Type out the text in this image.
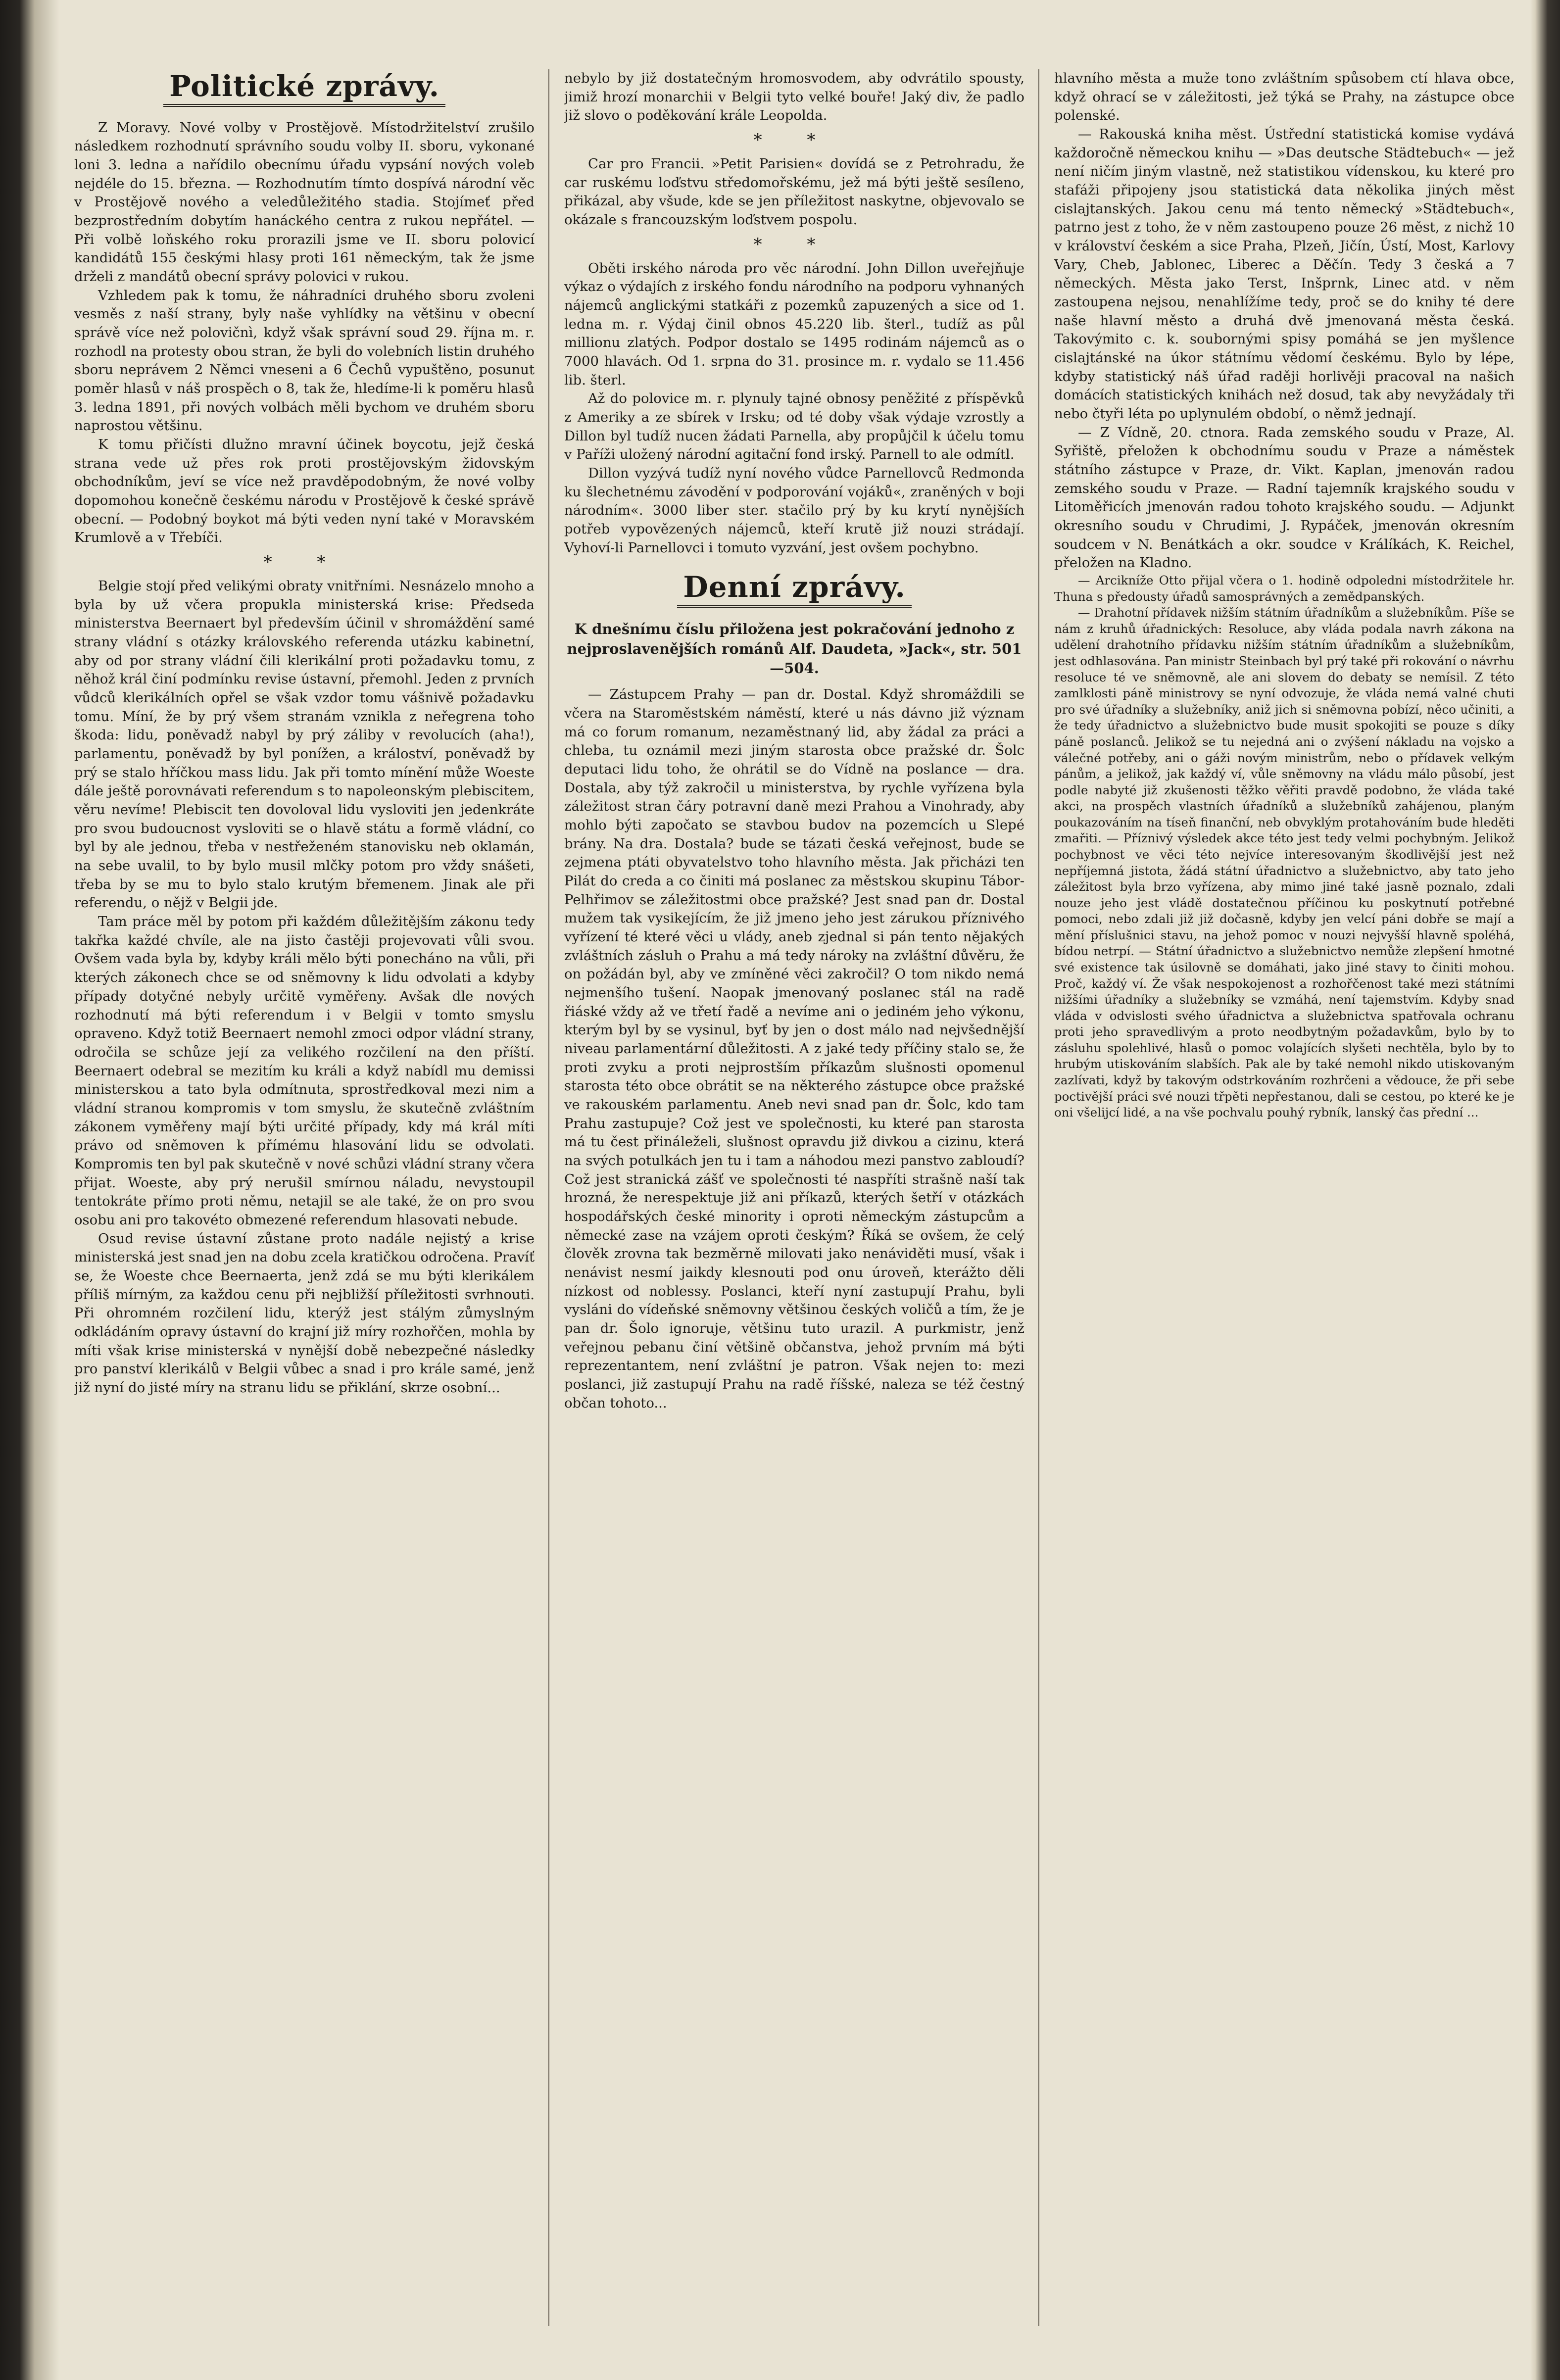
Politické zprávy.

Z Moravy. Nové volby v Prostějově. Místodržitelství zrušilo následkem rozhodnutí správního soudu volby II. sboru, vykonané loni 3. ledna a nařídilo obecnímu úřadu vypsání nových voleb nejdéle do 15. března. — Rozhodnutím tímto dospívá národní věc v Prostějově nového a veledůležitého stadia. Stojímeť před bezprostředním dobytím hanáckého centra z rukou nepřátel. — Při volbě loňského roku prorazili jsme ve II. sboru polovicí kandidátů 155 českými hlasy proti 161 německým, tak že jsme drželi z mandátů obecní správy polovici v rukou.

Vzhledem pak k tomu, že náhradníci druhého sboru zvoleni vesměs z naší strany, byly naše vyhlídky na většinu v obecní správě více než polovičnì, když však správní soud 29. října m. r. rozhodl na protesty obou stran, že byli do volebních listin druhého sboru neprávem 2 Němci vneseni a 6 Čechů vypuštěno, posunut poměr hlasů v náš prospěch o 8, tak že, hledíme-li k poměru hlasů 3. ledna 1891, při nových volbách měli bychom ve druhém sboru naprostou většinu.

K tomu přičísti dlužno mravní účinek boycotu, jejž česká strana vede už přes rok proti prostějovským židovským obchodníkům, jeví se více než pravděpodobným, že nové volby dopomohou konečně českému národu v Prostějově k české správě obecní. — Podobný boykot má býti veden nyní také v Moravském Krumlově a v Třebíči.

* *

Belgie stojí před velikými obraty vnitřními. Nesnázelo mnoho a byla by už včera propukla ministerská krise: Předseda ministerstva Beernaert byl především účinil v shromáždění samé strany vládní s otázky královského referenda utázku kabinetní, aby od por strany vládní čili klerikální proti požadavku tomu, z něhož král činí podmínku revise ústavní, přemohl. Jeden z prvních vůdců klerikálních opřel se však vzdor tomu vášnivě požadavku tomu. Míní, že by prý všem stranám vznikla z neřegrena toho škoda: lidu, poněvadž nabyl by prý záliby v revolucích (aha!), parlamentu, poněvadž by byl ponížen, a králoství, poněvadž by prý se stalo hříčkou mass lidu. Jak při tomto mínění může Woeste dále ještě porovnávati referendum s to napoleonským plebiscitem, věru nevíme! Plebiscit ten dovoloval lidu vysloviti jen jedenkráte pro svou budoucnost vysloviti se o hlavě státu a formě vládní, co byl by ale jednou, třeba v nestřeženém stanovisku neb oklamán, na sebe uvalil, to by bylo musil mlčky potom pro vždy snášeti, třeba by se mu to bylo stalo krutým břemenem. Jinak ale při referendu, o nějž v Belgii jde.

Tam práce měl by potom při každém důležitějším zákonu tedy takřka každé chvíle, ale na jisto častěji projevovati vůli svou. Ovšem vada byla by, kdyby králi mělo býti ponecháno na vůli, při kterých zákonech chce se od sněmovny k lidu odvolati a kdyby případy dotyčné nebyly určitě vyměřeny. Avšak dle nových rozhodnutí má býti referendum i v Belgii v tomto smyslu opraveno. Když totiž Beernaert nemohl zmoci odpor vládní strany, odročila se schůze její za velikého rozčilení na den příští. Beernaert odebral se mezitím ku králi a když nabídl mu demissi ministerskou a tato byla odmítnuta, sprostředkoval mezi nim a vládní stranou kompromis v tom smyslu, že skutečně zvláštním zákonem vyměřeny mají býti určité případy, kdy má král míti právo od sněmoven k přímému hlasování lidu se odvolati. Kompromis ten byl pak skutečně v nové schůzi vládní strany včera přijat. Woeste, aby prý nerušil smírnou náladu, nevystoupil tentokráte přímo proti němu, netajil se ale také, že on pro svou osobu ani pro takovéto obmezené referendum hlasovati nebude.

Osud revise ústavní zůstane proto nadále nejistý a krise ministerská jest snad jen na dobu zcela kratičkou odročena. Pravíť se, že Woeste chce Beernaerta, jenž zdá se mu býti klerikálem příliš mírným, za každou cenu při nejbližší příležitosti svrhnouti. Při ohromném rozčilení lidu, kterýž jest stálým zůmyslným odkládáním opravy ústavní do krajní již míry rozhořčen, mohla by míti však krise ministerská v nynější době nebezpečné následky pro panství klerikálů v Belgii vůbec a snad i pro krále samé, jenž již nyní do jisté míry na stranu lidu se přiklání, skrze osobní...

nebylo by již dostatečným hromosvodem, aby odvrátilo spousty, jimiž hrozí monarchii v Belgii tyto velké bouře! Jaký div, že padlo již slovo o poděkování krále Leopolda.

* *

Car pro Francii. »Petit Parisien« dovídá se z Petrohradu, že car ruskému loďstvu středomořskému, jež má býti ještě sesíleno, přikázal, aby všude, kde se jen příležitost naskytne, objevovalo se okázale s francouzským loďstvem pospolu.

* *

Oběti irského národa pro věc národní. John Dillon uveřejňuje výkaz o výdajích z irského fondu národního na podporu vyhnaných nájemců anglickými statkáři z pozemků zapuzených a sice od 1. ledna m. r. Výdaj činil obnos 45.220 lib. šterl., tudíž as půl millionu zlatých. Podpor dostalo se 1495 rodinám nájemců as o 7000 hlavách. Od 1. srpna do 31. prosince m. r. vydalo se 11.456 lib. šterl.

Až do polovice m. r. plynuly tajné obnosy peněžité z příspěvků z Ameriky a ze sbírek v Irsku; od té doby však výdaje vzrostly a Dillon byl tudíž nucen žádati Parnella, aby propůjčil k účelu tomu v Paříži uložený národní agitační fond irský. Parnell to ale odmítl.

Dillon vyzývá tudíž nyní nového vůdce Parnellovců Redmonda ku šlechetnému závodění v podporování vojáků«, zraněných v boji národním«. 3000 liber ster. stačilo prý by ku krytí nynějších potřeb vypovězených nájemců, kteří krutě již nouzi strádají. Vyhoví-li Parnellovci i tomuto vyzvání, jest ovšem pochybno.

Denní zprávy.
K dnešnímu číslu přiložena jest pokračování jednoho z nejproslavenějších románů Alf. Daudeta, »Jack«, str. 501—504.

— Zástupcem Prahy — pan dr. Dostal. Když shromáždili se včera na Staroměstském náměstí, které u nás dávno již význam má co forum romanum, nezaměstnaný lid, aby žádal za práci a chleba, tu oznámil mezi jiným starosta obce pražské dr. Šolc deputaci lidu toho, že ohrátil se do Vídně na poslance — dra. Dostala, aby týž zakročil u ministerstva, by rychle vyřízena byla záležitost stran čáry potravní daně mezi Prahou a Vinohrady, aby mohlo býti započato se stavbou budov na pozemcích u Slepé brány. Na dra. Dostala? bude se tázati česká veřejnost, bude se zejmena ptáti obyvatelstvo toho hlavního města. Jak přicházi ten Pilát do creda a co činiti má poslanec za městskou skupinu Tábor-Pelhřimov se záležitostmi obce pražské? Jest snad pan dr. Dostal mužem tak vysikejícím, že již jmeno jeho jest zárukou příznivého vyřízení té které věci u vlády, aneb zjednal si pán tento nějakých zvláštních zásluh o Prahu a má tedy nároky na zvláštní důvěru, že on požádán byl, aby ve zmíněné věci zakročil? O tom nikdo nemá nejmenšího tušení. Naopak jmenovaný poslanec stál na radě řiáské vždy až ve třetí řadě a nevíme ani o jediném jeho výkonu, kterým byl by se vysinul, byť by jen o dost málo nad nejvšednější niveau parlamentární důležitosti. A z jaké tedy příčiny stalo se, že proti zvyku a proti nejprostším příkazům slušnosti opomenul starosta této obce obrátit se na některého zástupce obce pražské ve rakouském parlamentu. Aneb nevi snad pan dr. Šolc, kdo tam Prahu zastupuje? Což jest ve společnosti, ku které pan starosta má tu čest přináleželi, slušnost opravdu již divkou a cizinu, která na svých potulkách jen tu i tam a náhodou mezi panstvo zabloudí? Což jest stranická zášť ve společnosti té naspříti strašně naší tak hrozná, že nerespektuje již ani příkazů, kterých šetří v otázkách hospodářských české minority i oproti německým zástupcům a německé zase na vzájem oproti českým? Říká se ovšem, že celý člověk zrovna tak bezměrně milovati jako nenáviděti musí, však i nenávist nesmí jaikdy klesnouti pod onu úroveň, kterážto děli nízkost od noblessy. Poslanci, kteří nyní zastupují Prahu, byli vysláni do vídeňské sněmovny většinou českých voličů a tím, že je pan dr. Šolo ignoruje, většinu tuto urazil. A purkmistr, jenž veřejnou pebanu činí většině občanstva, jehož prvním má býti reprezentantem, není zvláštní je patron. Však nejen to: mezi poslanci, již zastupují Prahu na radě říšské, naleza se též čestný občan tohoto...

hlavního města a muže tono zvláštním spůsobem ctí hlava obce, když ohrací se v záležitosti, jež týká se Prahy, na zástupce obce polenské.

— Rakouská kniha měst. Ústřední statistická komise vydává každoročně německou knihu — »Das deutsche Städtebuch« — jež není ničím jiným vlastně, než statistikou vídenskou, ku které pro stafáži připojeny jsou statistická data několika jiných měst cislajtanských. Jakou cenu má tento německý »Städtebuch«, patrno jest z toho, že v něm zastoupeno pouze 26 měst, z nichž 10 v království českém a sice Praha, Plzeň, Jičín, Ústí, Most, Karlovy Vary, Cheb, Jablonec, Liberec a Děčín. Tedy 3 česká a 7 německých. Města jako Terst, Inšprnk, Linec atd. v něm zastoupena nejsou, nenahlížíme tedy, proč se do knihy té dere naše hlavní město a druhá dvě jmenovaná města česká. Takovýmito c. k. soubornými spisy pomáhá se jen myšlence cislajtánské na úkor státnímu vědomí českému. Bylo by lépe, kdyby statistický náš úřad raději horlivěji pracoval na našich domácích statistických knihách než dosud, tak aby nevyžádaly tři nebo čtyři léta po uplynulém období, o němž jednají.

— Z Vídně, 20. ctnora. Rada zemského soudu v Praze, Al. Syřiště, přeložen k obchodnímu soudu v Praze a náměstek státního zástupce v Praze, dr. Vikt. Kaplan, jmenován radou zemského soudu v Praze. — Radní tajemník krajského soudu v Litoměřicích jmenován radou tohoto krajského soudu. — Adjunkt okresního soudu v Chrudimi, J. Rypáček, jmenován okresním soudcem v N. Benátkách a okr. soudce v Králíkách, K. Reichel, přeložen na Kladno.

— Arcikníže Otto přijal včera o 1. hodině odpoledni místodržitele hr. Thuna s předousty úřadů samosprávných a zemědpanských.

— Drahotní přídavek nižším státním úřadníkům a služebníkům. Píše se nám z kruhů úřadnických: Resoluce, aby vláda podala navrh zákona na udělení drahotního přídavku nižším státním úřadníkům a služebníkům, jest odhlasována. Pan ministr Steinbach byl prý také při rokování o návrhu resoluce té ve sněmovně, ale ani slovem do debaty se nemísil. Z této zamlklosti páně ministrovy se nyní odvozuje, že vláda nemá valné chuti pro své úřadníky a služebníky, aniž jich si sněmovna pobízí, něco učiniti, a že tedy úřadnictvo a služebnictvo bude musit spokojiti se pouze s díky páně poslanců. Jelikož se tu nejedná ani o zvýšení nákladu na vojsko a válečné potřeby, ani o gáži novým ministrům, nebo o přídavek velkým pánům, a jelikož, jak každý ví, vůle sněmovny na vládu málo působí, jest podle nabyté již zkušenosti těžko věřiti pravdě podobno, že vláda také akci, na prospěch vlastních úřadníků a služebníků zahájenou, planým poukazováním na tíseň finanční, neb obvyklým protahováním bude hleděti zmařiti. — Příznivý výsledek akce této jest tedy velmi pochybným. Jelikož pochybnost ve věci této nejvíce interesovaným škodlivější jest než nepříjemná jistota, žádá státní úřadnictvo a služebnictvo, aby tato jeho záležitost byla brzo vyřízena, aby mimo jiné také jasně poznalo, zdali nouze jeho jest vládě dostatečnou příčinou ku poskytnutí potřebné pomoci, nebo zdali již již dočasně, kdyby jen velcí páni dobře se mají a mění příslušnici stavu, na jehož pomoc v nouzi nejvyšší hlavně spoléhá, bídou netrpí. — Státní úřadnictvo a služebnictvo nemůže zlepšení hmotné své existence tak úsilovně se domáhati, jako jiné stavy to činiti mohou. Proč, každý ví. Že však nespokojenost a rozhořčenost také mezi státními nižšími úřadníky a služebníky se vzmáhá, není tajemstvím. Kdyby snad vláda v odvislosti svého úřadnictva a služebnictva spatřovala ochranu proti jeho spravedlivým a proto neodbytným požadavkům, bylo by to zásluhu spolehlivé, hlasů o pomoc volajících slyšeti nechtěla, bylo by to hrubým utiskováním slabších. Pak ale by také nemohl nikdo utiskovaným zazlívati, když by takovým odstrkováním rozhrčeni a vědouce, že při sebe poctivější práci své nouzi třpěti nepřestanou, dali se cestou, po které ke je oni všelijcí lidé, a na vše pochvalu pouhý rybník, lanský čas přední ...
